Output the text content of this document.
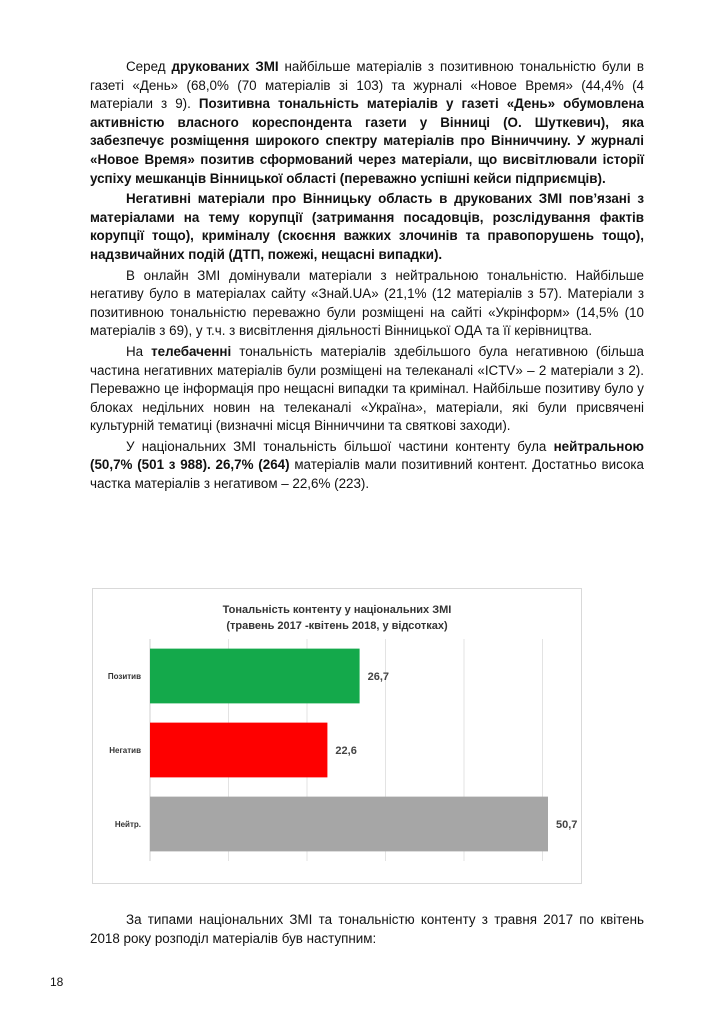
Серед друкованих ЗМІ найбільше матеріалів з позитивною тональністю були в газеті «День» (68,0% (70 матеріалів зі 103) та журналі «Новое Время» (44,4% (4 матеріали з 9). Позитивна тональність матеріалів у газеті «День» обумовлена активністю власного кореспондента газети у Вінниці (О. Шуткевич), яка забезпечує розміщення широкого спектру матеріалів про Вінниччину. У журналі «Новое Время» позитив сформований через матеріали, що висвітлювали історії успіху мешканців Вінницької області (переважно успішні кейси підприємців).

Негативні матеріали про Вінницьку область в друкованих ЗМІ пов’язані з матеріалами на тему корупції (затримання посадовців, розслідування фактів корупції тощо), криміналу (скоєння важких злочинів та правопорушень тощо), надзвичайних подій (ДТП, пожежі, нещасні випадки).

В онлайн ЗМІ домінували матеріали з нейтральною тональністю. Найбільше негативу було в матеріалах сайту «Знай.UA» (21,1% (12 матеріалів з 57). Матеріали з позитивною тональністю переважно були розміщені на сайті «Укрінформ» (14,5% (10 матеріалів з 69), у т.ч. з висвітлення діяльності Вінницької ОДА та її керівництва.

На телебаченні тональність матеріалів здебільшого була негативною (більша частина негативних матеріалів були розміщені на телеканалі «ICTV» – 2 матеріали з 2). Переважно це інформація про нещасні випадки та кримінал. Найбільше позитиву було у блоках недільних новин на телеканалі «Україна», матеріали, які були присвячені культурній тематиці (визначні місця Вінниччини та святкові заходи).

У національних ЗМІ тональність більшої частини контенту була нейтральною (50,7% (501 з 988). 26,7% (264) матеріалів мали позитивний контент. Достатньо висока частка матеріалів з негативом – 22,6% (223).

Тональність контенту у національних ЗМІ
(травень 2017 -квітень 2018, у відсотках)
Позитив	26,7
Негатив	22,6
Нейтр.	50,7

За типами національних ЗМІ та тональністю контенту з травня 2017 по квітень 2018 року розподіл матеріалів був наступним:

18
